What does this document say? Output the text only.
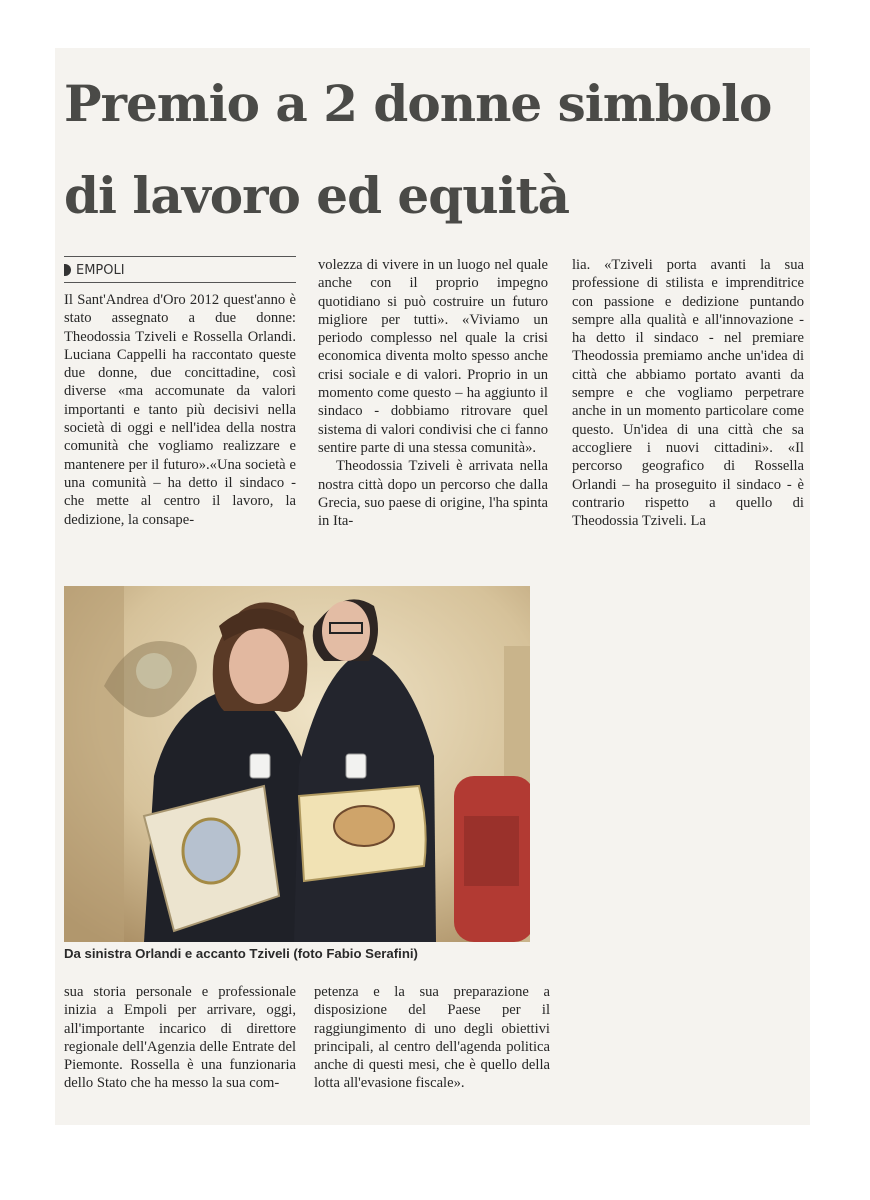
Premio a 2 donne simbolo
di lavoro ed equità
EMPOLI

Il Sant'Andrea d'Oro 2012 quest'anno è stato assegnato a due donne: Theodossia Tziveli e Rossella Orlandi. Luciana Cappelli ha raccontato queste due donne, due concittadine, così diverse «ma accomunate da valori importanti e tanto più decisivi nella società di oggi e nell'idea della nostra comunità che vogliamo realizzare e mantenere per il futuro».«Una società e una comunità – ha detto il sindaco - che mette al centro il lavoro, la dedizione, la consape-

volezza di vivere in un luogo nel quale anche con il proprio impegno quotidiano si può costruire un futuro migliore per tutti». «Viviamo un periodo complesso nel quale la crisi economica diventa molto spesso anche crisi sociale e di valori. Proprio in un momento come questo – ha aggiunto il sindaco - dobbiamo ritrovare quel sistema di valori condivisi che ci fanno sentire parte di una stessa comunità».

Theodossia Tziveli è arrivata nella nostra città dopo un percorso che dalla Grecia, suo paese di origine, l'ha spinta in Ita-

lia. «Tziveli porta avanti la sua professione di stilista e imprenditrice con passione e dedizione puntando sempre alla qualità e all'innovazione - ha detto il sindaco - nel premiare Theodossia premiamo anche un'idea di città che abbiamo portato avanti da sempre e che vogliamo perpetrare anche in un momento particolare come questo. Un'idea di una città che sa accogliere i nuovi cittadini». «Il percorso geografico di Rossella Orlandi – ha proseguito il sindaco - è contrario rispetto a quello di Theodossia Tziveli. La

Da sinistra Orlandi e accanto Tziveli (foto Fabio Serafini)

sua storia personale e professionale inizia a Empoli per arrivare, oggi, all'importante incarico di direttore regionale dell'Agenzia delle Entrate del Piemonte. Rossella è una funzionaria dello Stato che ha messo la sua com-

petenza e la sua preparazione a disposizione del Paese per il raggiungimento di uno degli obiettivi principali, al centro dell'agenda politica anche di questi mesi, che è quello della lotta all'evasione fiscale».
